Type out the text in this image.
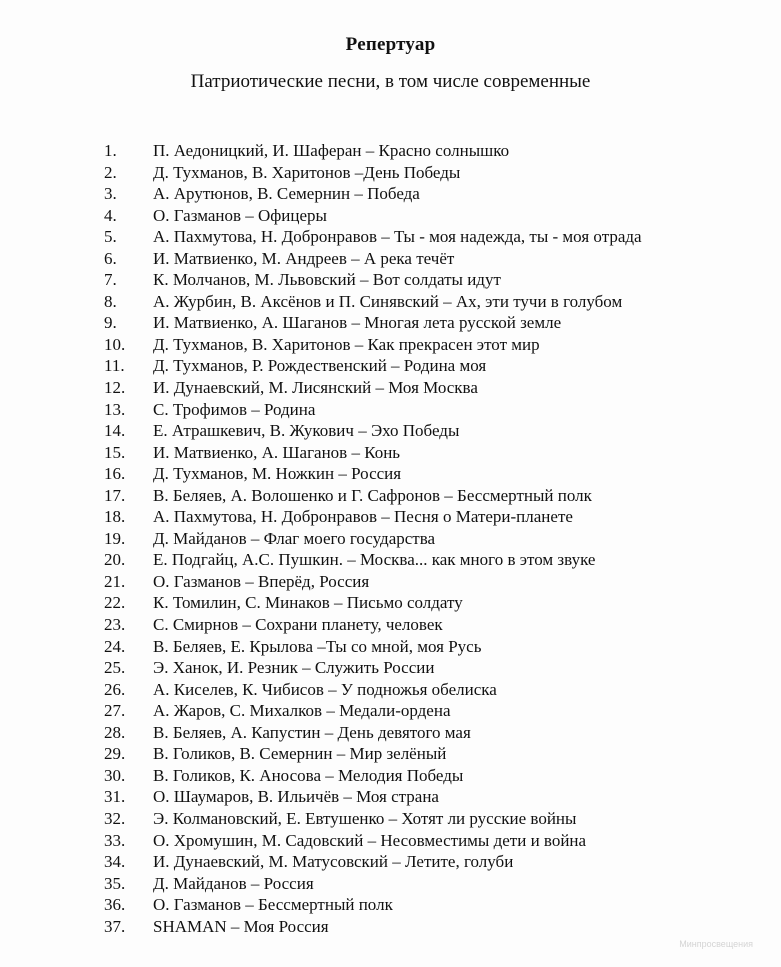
Репертуар
Патриотические песни, в том числе современные
1.	П. Аедоницкий, И. Шаферан – Красно солнышко
2.	Д. Тухманов, В. Харитонов –День Победы
3.	А. Арутюнов, В. Семернин – Победа
4.	О. Газманов – Офицеры
5.	А. Пахмутова, Н. Добронравов – Ты - моя надежда, ты - моя отрада
6.	И. Матвиенко, М. Андреев – А река течёт
7.	К. Молчанов, М. Львовский – Вот солдаты идут
8.	А. Журбин, В. Аксёнов и П. Синявский – Ах, эти тучи в голубом
9.	И. Матвиенко, А. Шаганов – Многая лета русской земле
10.	Д. Тухманов, В. Харитонов – Как прекрасен этот мир
11.	Д. Тухманов, Р. Рождественский – Родина моя
12.	И. Дунаевский, М. Лисянский – Моя Москва
13.	С. Трофимов – Родина
14.	Е. Атрашкевич, В. Жукович – Эхо Победы
15.	И. Матвиенко, А. Шаганов – Конь
16.	Д. Тухманов, М. Ножкин – Россия
17.	В. Беляев, А. Волошенко и Г. Сафронов – Бессмертный полк
18.	А. Пахмутова, Н. Добронравов – Песня о Матери-планете
19.	Д. Майданов – Флаг моего государства
20.	Е. Подгайц, А.С. Пушкин. – Москва... как много в этом звуке
21.	О. Газманов – Вперёд, Россия
22.	К. Томилин, С. Минаков – Письмо солдату
23.	С. Смирнов – Сохрани планету, человек
24.	В. Беляев, Е. Крылова –Ты со мной, моя Русь
25.	Э. Ханок, И. Резник – Служить России
26.	А. Киселев, К. Чибисов – У подножья обелиска
27.	А. Жаров, С. Михалков – Медали-ордена
28.	В. Беляев, А. Капустин – День девятого мая
29.	В. Голиков, В. Семернин – Мир зелёный
30.	В. Голиков, К. Аносова – Мелодия Победы
31.	О. Шаумаров, В. Ильичёв – Моя страна
32.	Э. Колмановский, Е. Евтушенко – Хотят ли русские войны
33.	О. Хромушин, М. Садовский – Несовместимы дети и война
34.	И. Дунаевский, М. Матусовский – Летите, голуби
35.	Д. Майданов – Россия
36.	О. Газманов – Бессмертный полк
37.	SHAMAN – Моя Россия
Минпросвещения
